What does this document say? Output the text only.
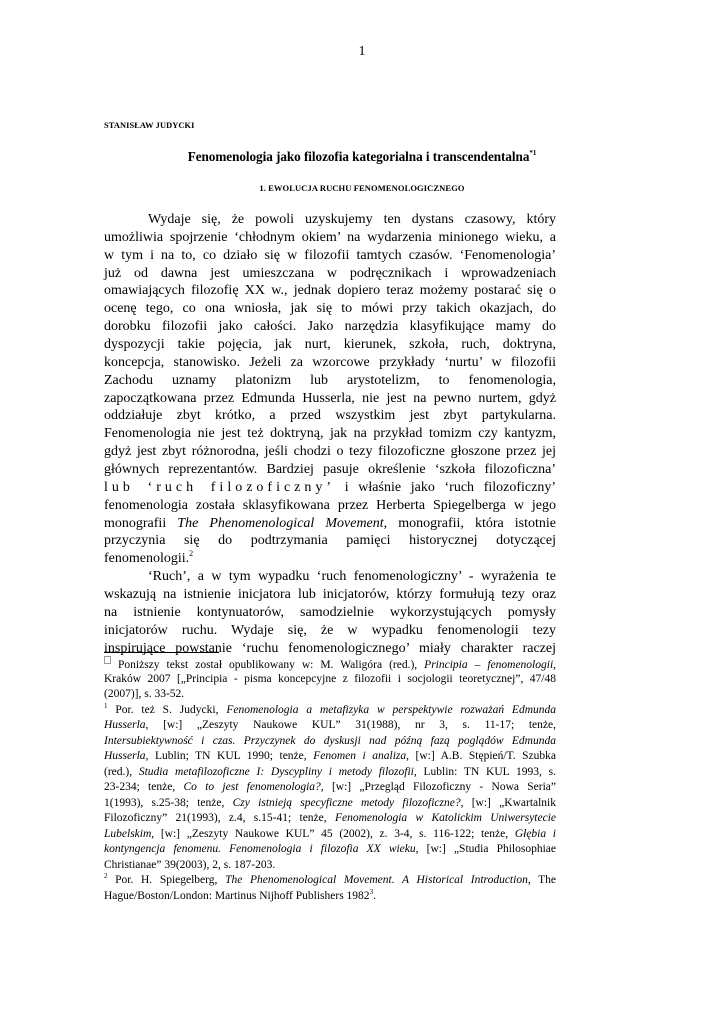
1
STANISŁAW JUDYCKI
Fenomenologia jako filozofia kategorialna i transcendentalna$^{*1}$
1. EWOLUCJA RUCHU FENOMENOLOGICZNEGO
Wydaje się, że powoli uzyskujemy ten dystans czasowy, który
umożliwia spojrzenie ‘chłodnym okiem’ na wydarzenia minionego wieku, a
w tym i na to, co działo się w filozofii tamtych czasów. ‘Fenomenologia’
już od dawna jest umieszczana w podręcznikach i wprowadzeniach
omawiających filozofię XX w., jednak dopiero teraz możemy postarać się o
ocenę tego, co ona wniosła, jak się to mówi przy takich okazjach, do
dorobku filozofii jako całości. Jako narzędzia klasyfikujące mamy do
dyspozycji takie pojęcia, jak nurt, kierunek, szkoła, ruch, doktryna,
koncepcja, stanowisko. Jeżeli za wzorcowe przykłady ‘nurtu’ w filozofii
Zachodu uznamy platonizm lub arystotelizm, to fenomenologia,
zapoczątkowana przez Edmunda Husserla, nie jest na pewno nurtem, gdyż
oddziałuje zbyt krótko, a przed wszystkim jest zbyt partykularna.
Fenomenologia nie jest też doktryną, jak na przykład tomizm czy kantyzm,
gdyż jest zbyt różnorodna, jeśli chodzi o tezy filozoficzne głoszone przez jej
głównych reprezentantów. Bardziej pasuje określenie ‘szkoła filozoficzna’
lub ‘ruch filozoficzny’ i właśnie jako ‘ruch filozoficzny’
fenomenologia została sklasyfikowana przez Herberta Spiegelberga w jego
monografii The Phenomenological Movement, monografii, która istotnie
przyczynia się do podtrzymania pamięci historycznej dotyczącej
fenomenologii.$^2$
‘Ruch’, a w tym wypadku ‘ruch fenomenologiczny’ - wyrażenia te
wskazują na istnienie inicjatora lub inicjatorów, którzy formułują tezy oraz
na istnienie kontynuatorów, samodzielnie wykorzystujących pomysły
inicjatorów ruchu. Wydaje się, że w wypadku fenomenologii tezy
inspirujące powstanie ‘ruchu fenomenologicznego’ miały charakter raczej
Poniższy tekst został opublikowany w: M. Waligóra (red.), Principia – fenomenologii,
Kraków 2007 [„Principia - pisma koncepcyjne z filozofii i socjologii teoretycznej”, 47/48
(2007)], s. 33-52.
$^1$ Por. też S. Judycki, Fenomenologia a metafizyka w perspektywie rozważań Edmunda
Husserla, [w:] „Zeszyty Naukowe KUL” 31(1988), nr 3, s. 11-17; tenże,
Intersubiektywność i czas. Przyczynek do dyskusji nad późną fazą poglądów Edmunda
Husserla, Lublin; TN KUL 1990; tenże, Fenomen i analiza, [w:] A.B. Stępień/T. Szubka
(red.), Studia metafilozoficzne I: Dyscypliny i metody filozofii, Lublin: TN KUL 1993, s.
23-234; tenże, Co to jest fenomenologia?, [w:] „Przegląd Filozoficzny - Nowa Seria”
1(1993), s.25-38; tenże, Czy istnieją specyficzne metody filozoficzne?, [w:] „Kwartalnik
Filozoficzny” 21(1993), z.4, s.15-41; tenże, Fenomenologia w Katolickim Uniwersytecie
Lubelskim, [w:] „Zeszyty Naukowe KUL” 45 (2002), z. 3-4, s. 116-122; tenże, Głębia i
kontyngencja fenomenu. Fenomenologia i filozofia XX wieku, [w:] „Studia Philosophiae
Christianae” 39(2003), 2, s. 187-203.
$^2$ Por. H. Spiegelberg, The Phenomenological Movement. A Historical Introduction, The
Hague/Boston/London: Martinus Nijhoff Publishers 1982$^3$.
